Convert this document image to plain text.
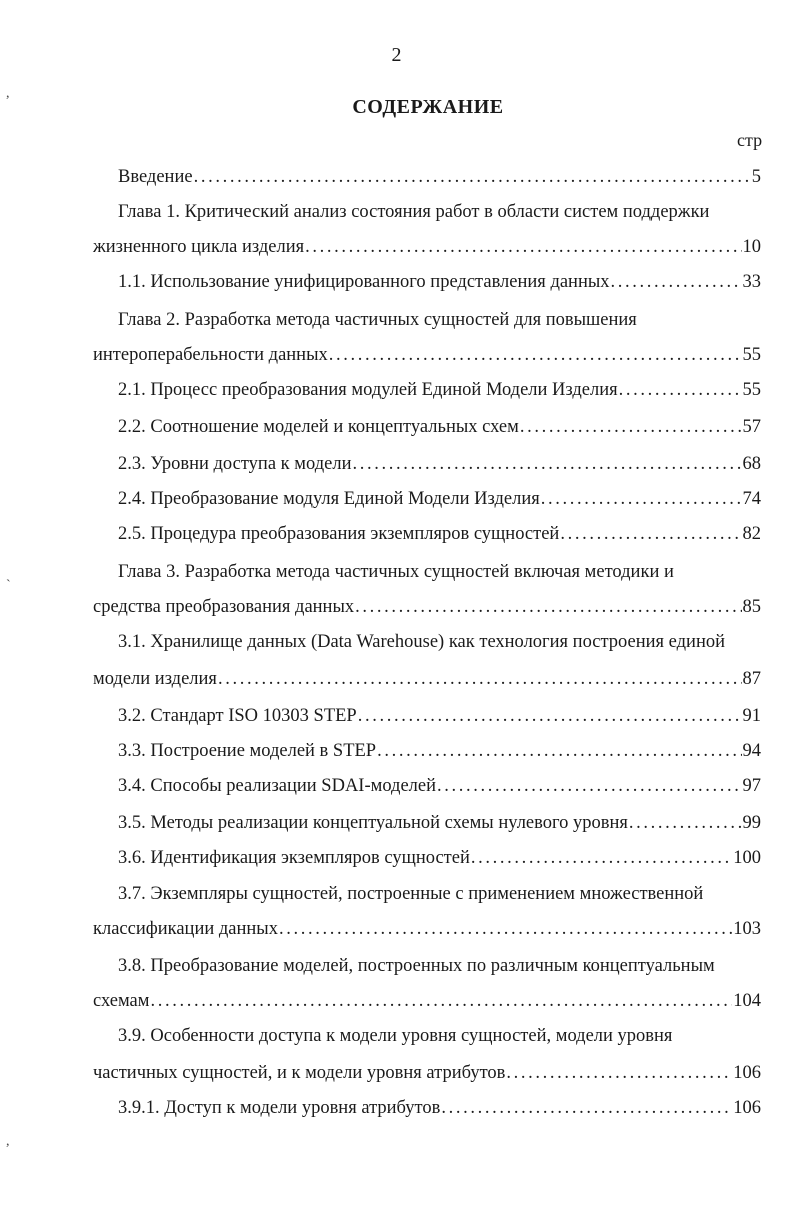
2
СОДЕРЖАНИЕ
стр
,
`
,
Введение . . .	5
Глава 1. Критический анализ состояния работ в области систем поддержки
жизненного цикла изделия . . .	10
1.1. Использование унифицированного представления данных . . .	33
Глава 2. Разработка метода частичных сущностей для повышения
интероперабельности данных . . .	55
2.1. Процесс преобразования модулей Единой Модели Изделия . . .	55
2.2. Соотношение моделей и концептуальных схем . . .	57
2.3. Уровни доступа к модели . . .	68
2.4. Преобразование модуля Единой Модели Изделия . . .	74
2.5. Процедура преобразования экземпляров сущностей . . .	82
Глава 3. Разработка метода частичных сущностей включая методики и
средства преобразования данных . . .	85
3.1. Хранилище данных (Data Warehouse) как технология построения единой
модели изделия . . .	87
3.2. Стандарт ISO 10303 STEP . . .	91
3.3. Построение моделей в STEP . . .	94
3.4. Способы реализации SDAI-моделей . . .	97
3.5. Методы реализации концептуальной схемы нулевого уровня . . .	99
3.6. Идентификация экземпляров сущностей . . .	100
3.7. Экземпляры сущностей, построенные с применением множественной
классификации данных . . .	103
3.8. Преобразование моделей, построенных по различным концептуальным
схемам . . .	104
3.9. Особенности доступа к модели уровня сущностей, модели уровня
частичных сущностей, и к модели уровня атрибутов . . .	106
3.9.1. Доступ к модели уровня атрибутов . . .	106
